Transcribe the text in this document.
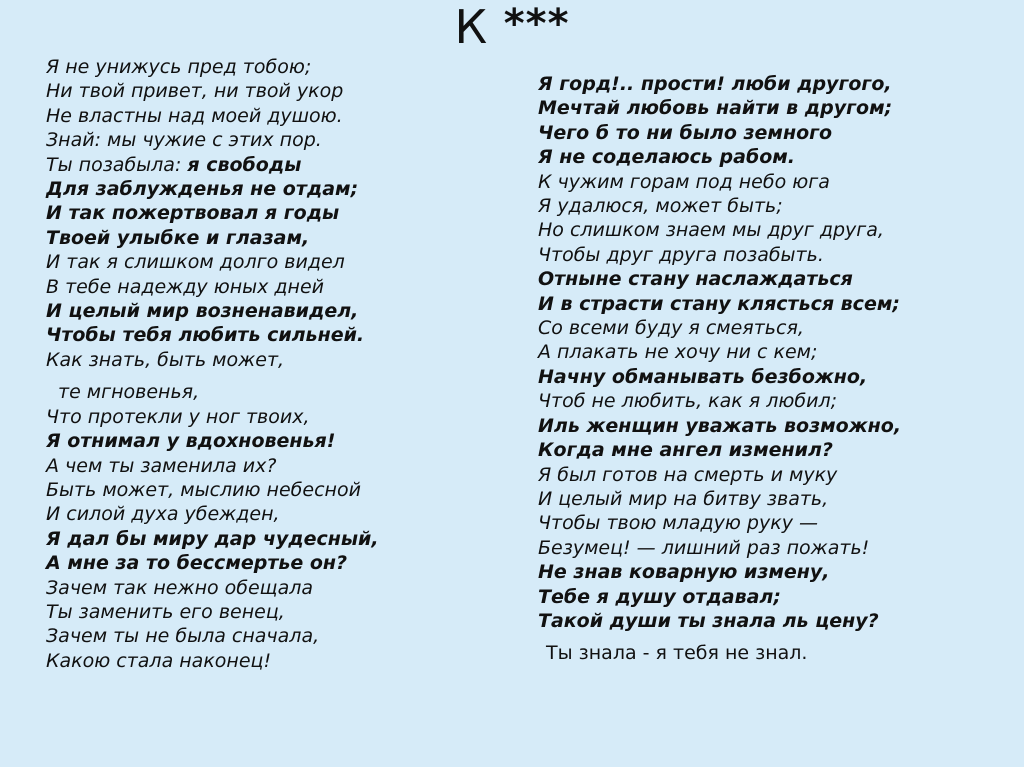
К ***
Я не унижусь пред тобою;
Ни твой привет, ни твой укор
Не властны над моей душою.
Знай: мы чужие с этих пор.
Ты позабыла: я свободы
Для заблужденья не отдам;
И так пожертвовал я годы
Твоей улыбке и глазам,
И так я слишком долго видел
В тебе надежду юных дней
И целый мир возненавидел,
Чтобы тебя любить сильней.
Как знать, быть может,
те мгновенья,
Что протекли у ног твоих,
Я отнимал у вдохновенья!
А чем ты заменила их?
Быть может, мыслию небесной
И силой духа убежден,
Я дал бы миру дар чудесный,
А мне за то бессмертье он?
Зачем так нежно обещала
Ты заменить его венец,
Зачем ты не была сначала,
Какою стала наконец!
Я горд!.. прости! люби другого,
Мечтай любовь найти в другом;
Чего б то ни было земного
Я не соделаюсь рабом.
К чужим горам под небо юга
Я удалюся, может быть;
Но слишком знаем мы друг друга,
Чтобы друг друга позабыть.
Отныне стану наслаждаться
И в страсти стану клясться всем;
Со всеми буду я смеяться,
А плакать не хочу ни с кем;
Начну обманывать безбожно,
Чтоб не любить, как я любил;
Иль женщин уважать возможно,
Когда мне ангел изменил?
Я был готов на смерть и муку
И целый мир на битву звать,
Чтобы твою младую руку —
Безумец! — лишний раз пожать!
Не знав коварную измену,
Тебе я душу отдавал;
Такой души ты знала ль цену?
Ты знала - я тебя не знал.
